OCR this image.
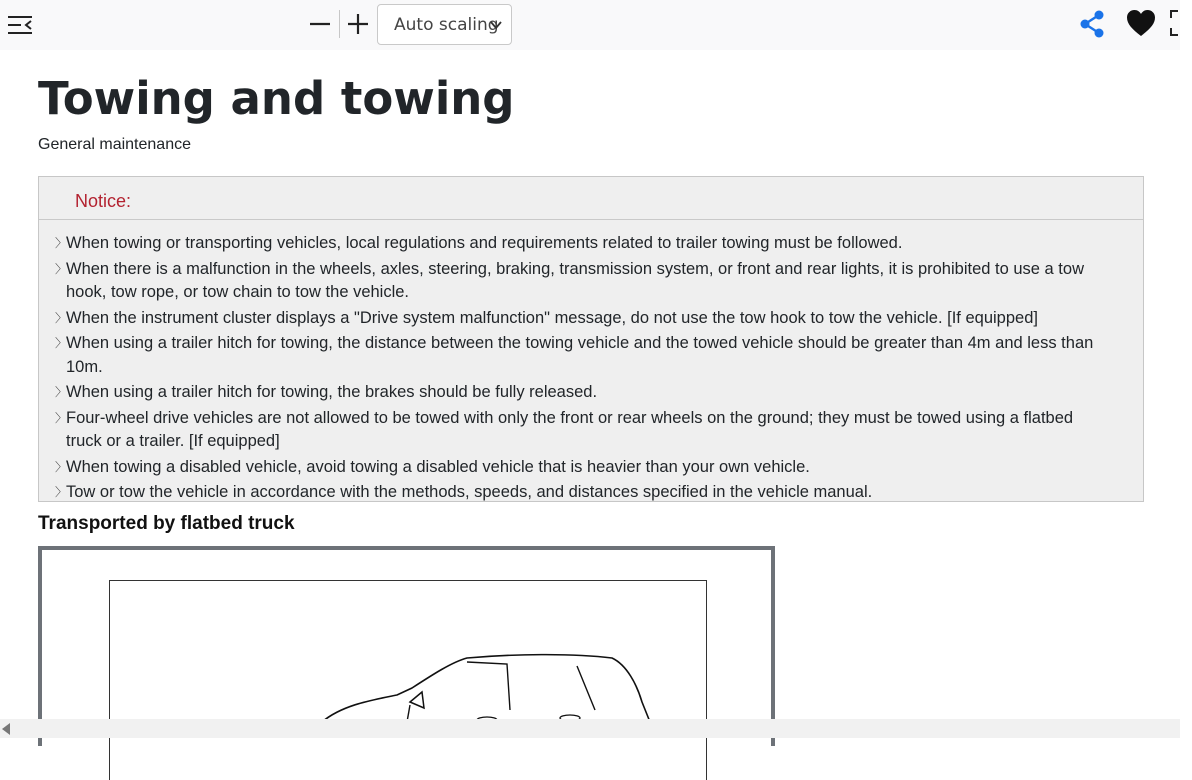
Auto scaling
Towing and towing
General maintenance
Notice:
〉
When towing or transporting vehicles, local regulations and requirements related to trailer towing must be followed.
〉
When there is a malfunction in the wheels, axles, steering, braking, transmission system, or front and rear lights, it is prohibited to use a tow hook, tow rope, or tow chain to tow the vehicle.
〉
When the instrument cluster displays a "Drive system malfunction" message, do not use the tow hook to tow the vehicle. [If equipped]
〉
When using a trailer hitch for towing, the distance between the towing vehicle and the towed vehicle should be greater than 4m and less than 10m.
〉
When using a trailer hitch for towing, the brakes should be fully released.
〉
Four-wheel drive vehicles are not allowed to be towed with only the front or rear wheels on the ground; they must be towed using a flatbed truck or a trailer. [If equipped]
〉
When towing a disabled vehicle, avoid towing a disabled vehicle that is heavier than your own vehicle.
〉
Tow or tow the vehicle in accordance with the methods, speeds, and distances specified in the vehicle manual.
Transported by flatbed truck
